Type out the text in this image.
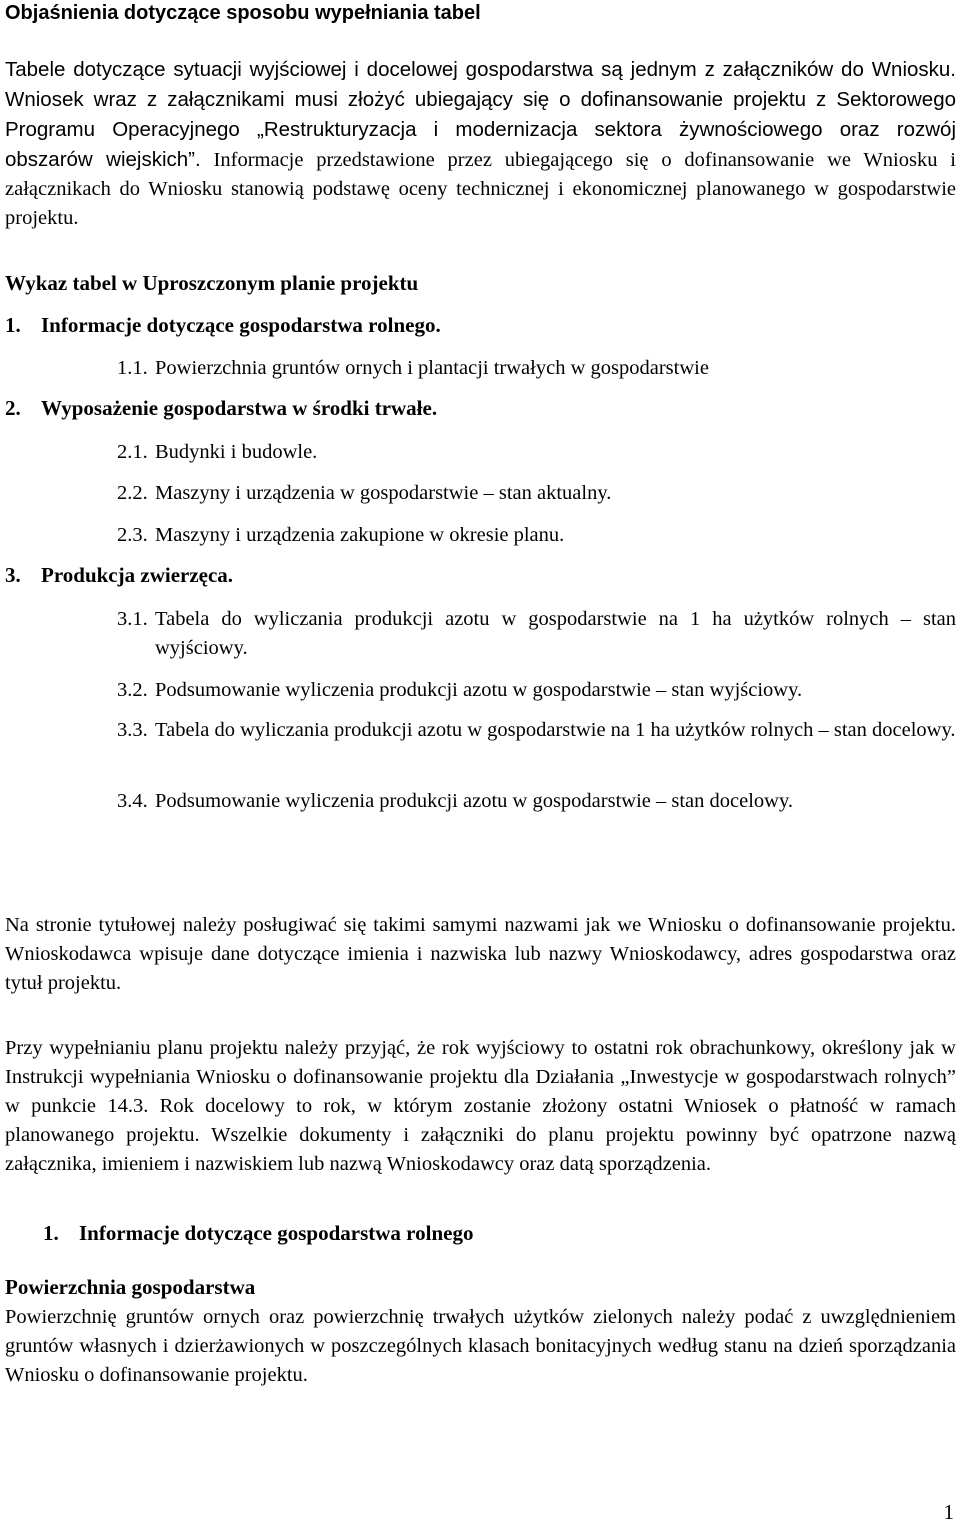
Objaśnienia dotyczące sposobu wypełniania tabel
Tabele dotyczące sytuacji wyjściowej i docelowej gospodarstwa są jednym z załączników do Wniosku. Wniosek wraz z załącznikami musi złożyć ubiegający się o dofinansowanie projektu z Sektorowego Programu Operacyjnego „Restrukturyzacja i modernizacja sektora żywnościowego oraz rozwój obszarów wiejskich”. Informacje przedstawione przez ubiegającego się o dofinansowanie we Wniosku i załącznikach do Wniosku stanowią podstawę oceny technicznej i ekonomicznej planowanego w gospodarstwie projektu.
Wykaz tabel w Uproszczonym planie projektu
1. Informacje dotyczące gospodarstwa rolnego.
1.1. Powierzchnia gruntów ornych i plantacji trwałych w gospodarstwie
2. Wyposażenie gospodarstwa w środki trwałe.
2.1. Budynki i budowle.
2.2. Maszyny i urządzenia w gospodarstwie – stan aktualny.
2.3. Maszyny i urządzenia zakupione w okresie planu.
3. Produkcja zwierzęca.
3.1. Tabela do wyliczania produkcji azotu w gospodarstwie na 1 ha użytków rolnych – stan wyjściowy.
3.2. Podsumowanie wyliczenia produkcji azotu w gospodarstwie – stan wyjściowy.
3.3. Tabela do wyliczania produkcji azotu w gospodarstwie na 1 ha użytków rolnych – stan docelowy.
3.4. Podsumowanie wyliczenia produkcji azotu w gospodarstwie – stan docelowy.
Na stronie tytułowej należy posługiwać się takimi samymi nazwami jak we Wniosku o dofinansowanie projektu. Wnioskodawca wpisuje dane dotyczące imienia i nazwiska lub nazwy Wnioskodawcy, adres gospodarstwa oraz tytuł projektu.
Przy wypełnianiu planu projektu należy przyjąć, że rok wyjściowy to ostatni rok obrachunkowy, określony jak w Instrukcji wypełniania Wniosku o dofinansowanie projektu dla Działania „Inwestycje w gospodarstwach rolnych” w punkcie 14.3. Rok docelowy to rok, w którym zostanie złożony ostatni Wniosek o płatność w ramach planowanego projektu. Wszelkie dokumenty i załączniki do planu projektu powinny być opatrzone nazwą załącznika, imieniem i nazwiskiem lub nazwą Wnioskodawcy oraz datą sporządzenia.
1. Informacje dotyczące gospodarstwa rolnego
Powierzchnia gospodarstwa
Powierzchnię gruntów ornych oraz powierzchnię trwałych użytków zielonych należy podać z uwzględnieniem gruntów własnych i dzierżawionych w poszczególnych klasach bonitacyjnych według stanu na dzień sporządzania Wniosku o dofinansowanie projektu.
1
